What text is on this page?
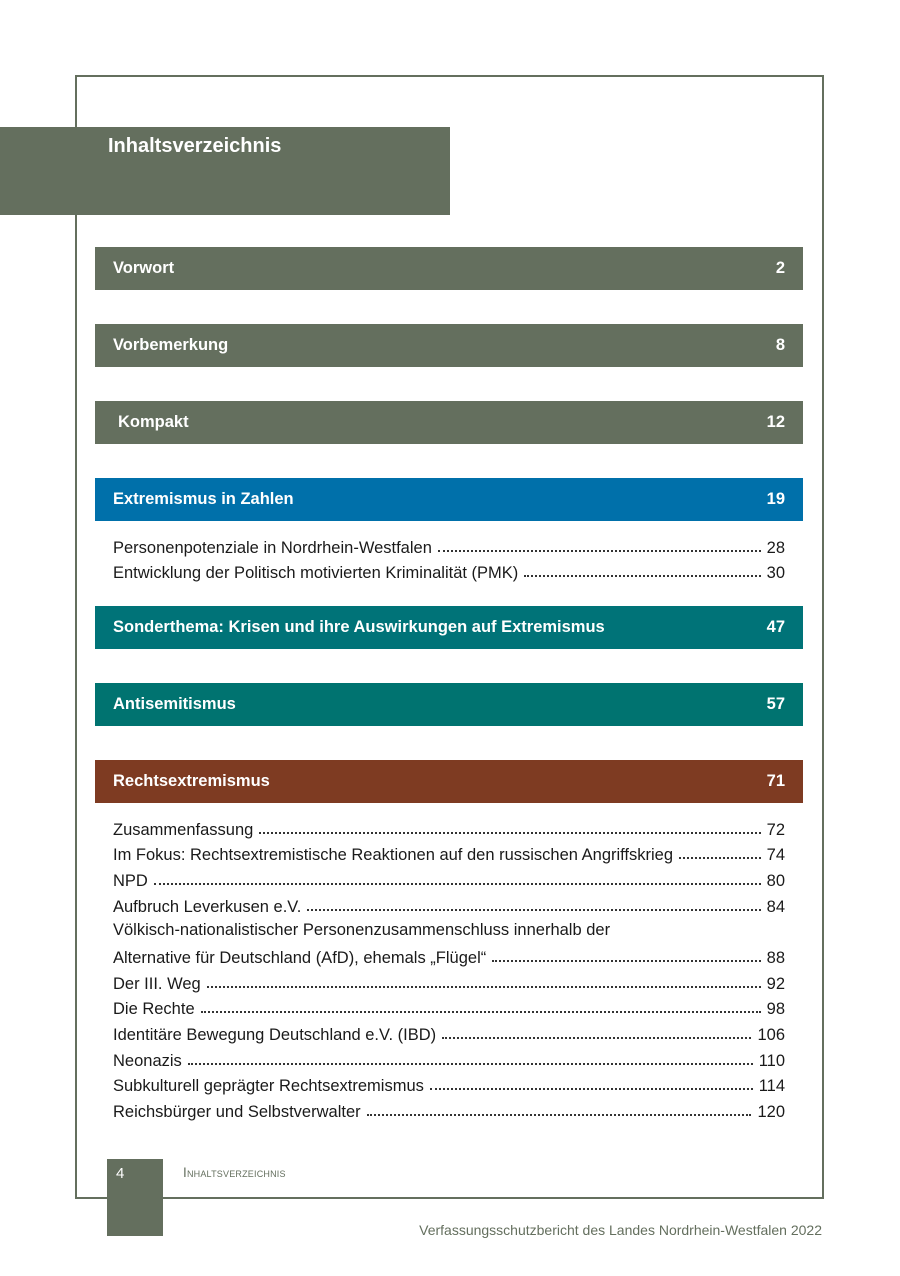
Inhaltsverzeichnis
Vorwort	2
Vorbemerkung	8
Kompakt	12
Extremismus in Zahlen	19
Personenpotenziale in Nordrhein-Westfalen	28
Entwicklung der Politisch motivierten Kriminalität (PMK)	30
Sonderthema: Krisen und ihre Auswirkungen auf Extremismus	47
Antisemitismus	57
Rechtsextremismus	71
Zusammenfassung	72
Im Fokus: Rechtsextremistische Reaktionen auf den russischen Angriffskrieg	74
NPD	80
Aufbruch Leverkusen e.V.	84
Völkisch-nationalistischer Personenzusammenschluss innerhalb der
Alternative für Deutschland (AfD), ehemals „Flügel“	88
Der III. Weg	92
Die Rechte	98
Identitäre Bewegung Deutschland e.V. (IBD)	106
Neonazis	110
Subkulturell geprägter Rechtsextremismus	114
Reichsbürger und Selbstverwalter	120
4	Inhaltsverzeichnis
Verfassungsschutzbericht des Landes Nordrhein-Westfalen 2022
